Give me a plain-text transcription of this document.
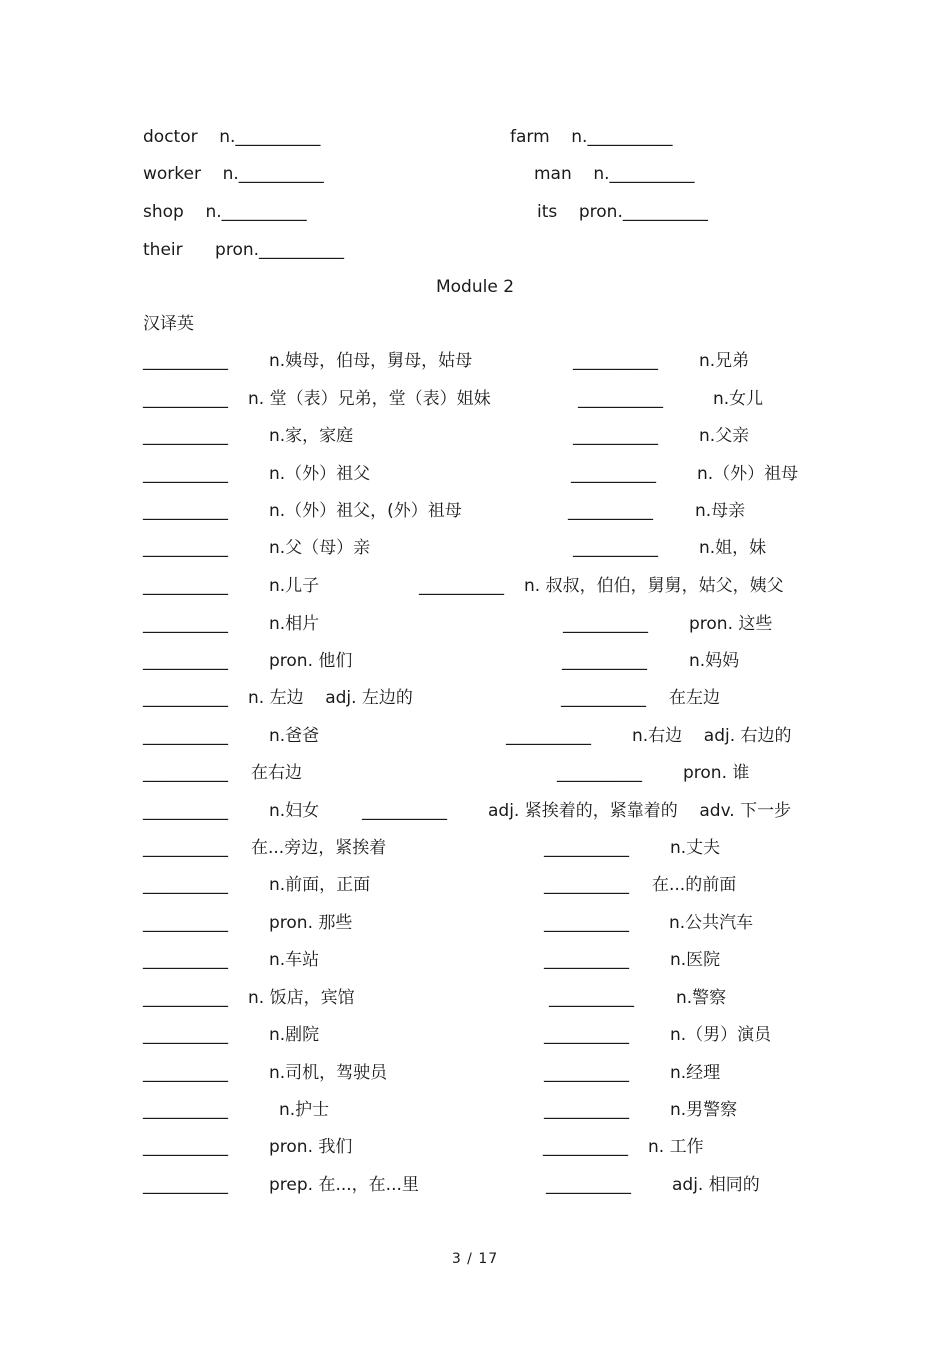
doctor    n.__________	farm    n.__________
worker    n.__________	man    n.__________
shop    n.__________	its    pron.__________
their      pron.__________
Module 2
汉译英
__________ n.姨母，伯母，舅母，姑母	__________ n.兄弟
__________ n. 堂（表）兄弟，堂（表）姐妹	__________	n.女儿
__________ n.家，家庭	__________ n.父亲
__________ n.（外）祖父	__________ n.（外）祖母
__________ n.（外）祖父，(外）祖母	__________ n.母亲
__________ n.父（母）亲	__________ n.姐，妹
__________ n.儿子	__________ n. 叔叔，伯伯，舅舅，姑父，姨父
__________ n.相片	__________ pron. 这些
__________ pron. 他们	__________ n.妈妈
__________ n. 左边    adj. 左边的	__________ 在左边
__________ n.爸爸	__________ n.右边    adj. 右边的
__________ 在右边	__________ pron. 谁
__________ n.妇女	__________ adj. 紧挨着的，紧靠着的    adv. 下一步
__________ 在...旁边，紧挨着	__________ n.丈夫
__________ n.前面，正面	__________ 在...的前面
__________ pron. 那些	__________ n.公共汽车
__________ n.车站	__________ n.医院
__________ n. 饭店，宾馆	__________ n.警察
__________ n.剧院	__________ n.（男）演员
__________ n.司机，驾驶员	__________ n.经理
__________	n.护士	__________ n.男警察
__________ pron. 我们	__________ n. 工作
__________ prep. 在...，在...里	__________ adj. 相同的
3 / 17
